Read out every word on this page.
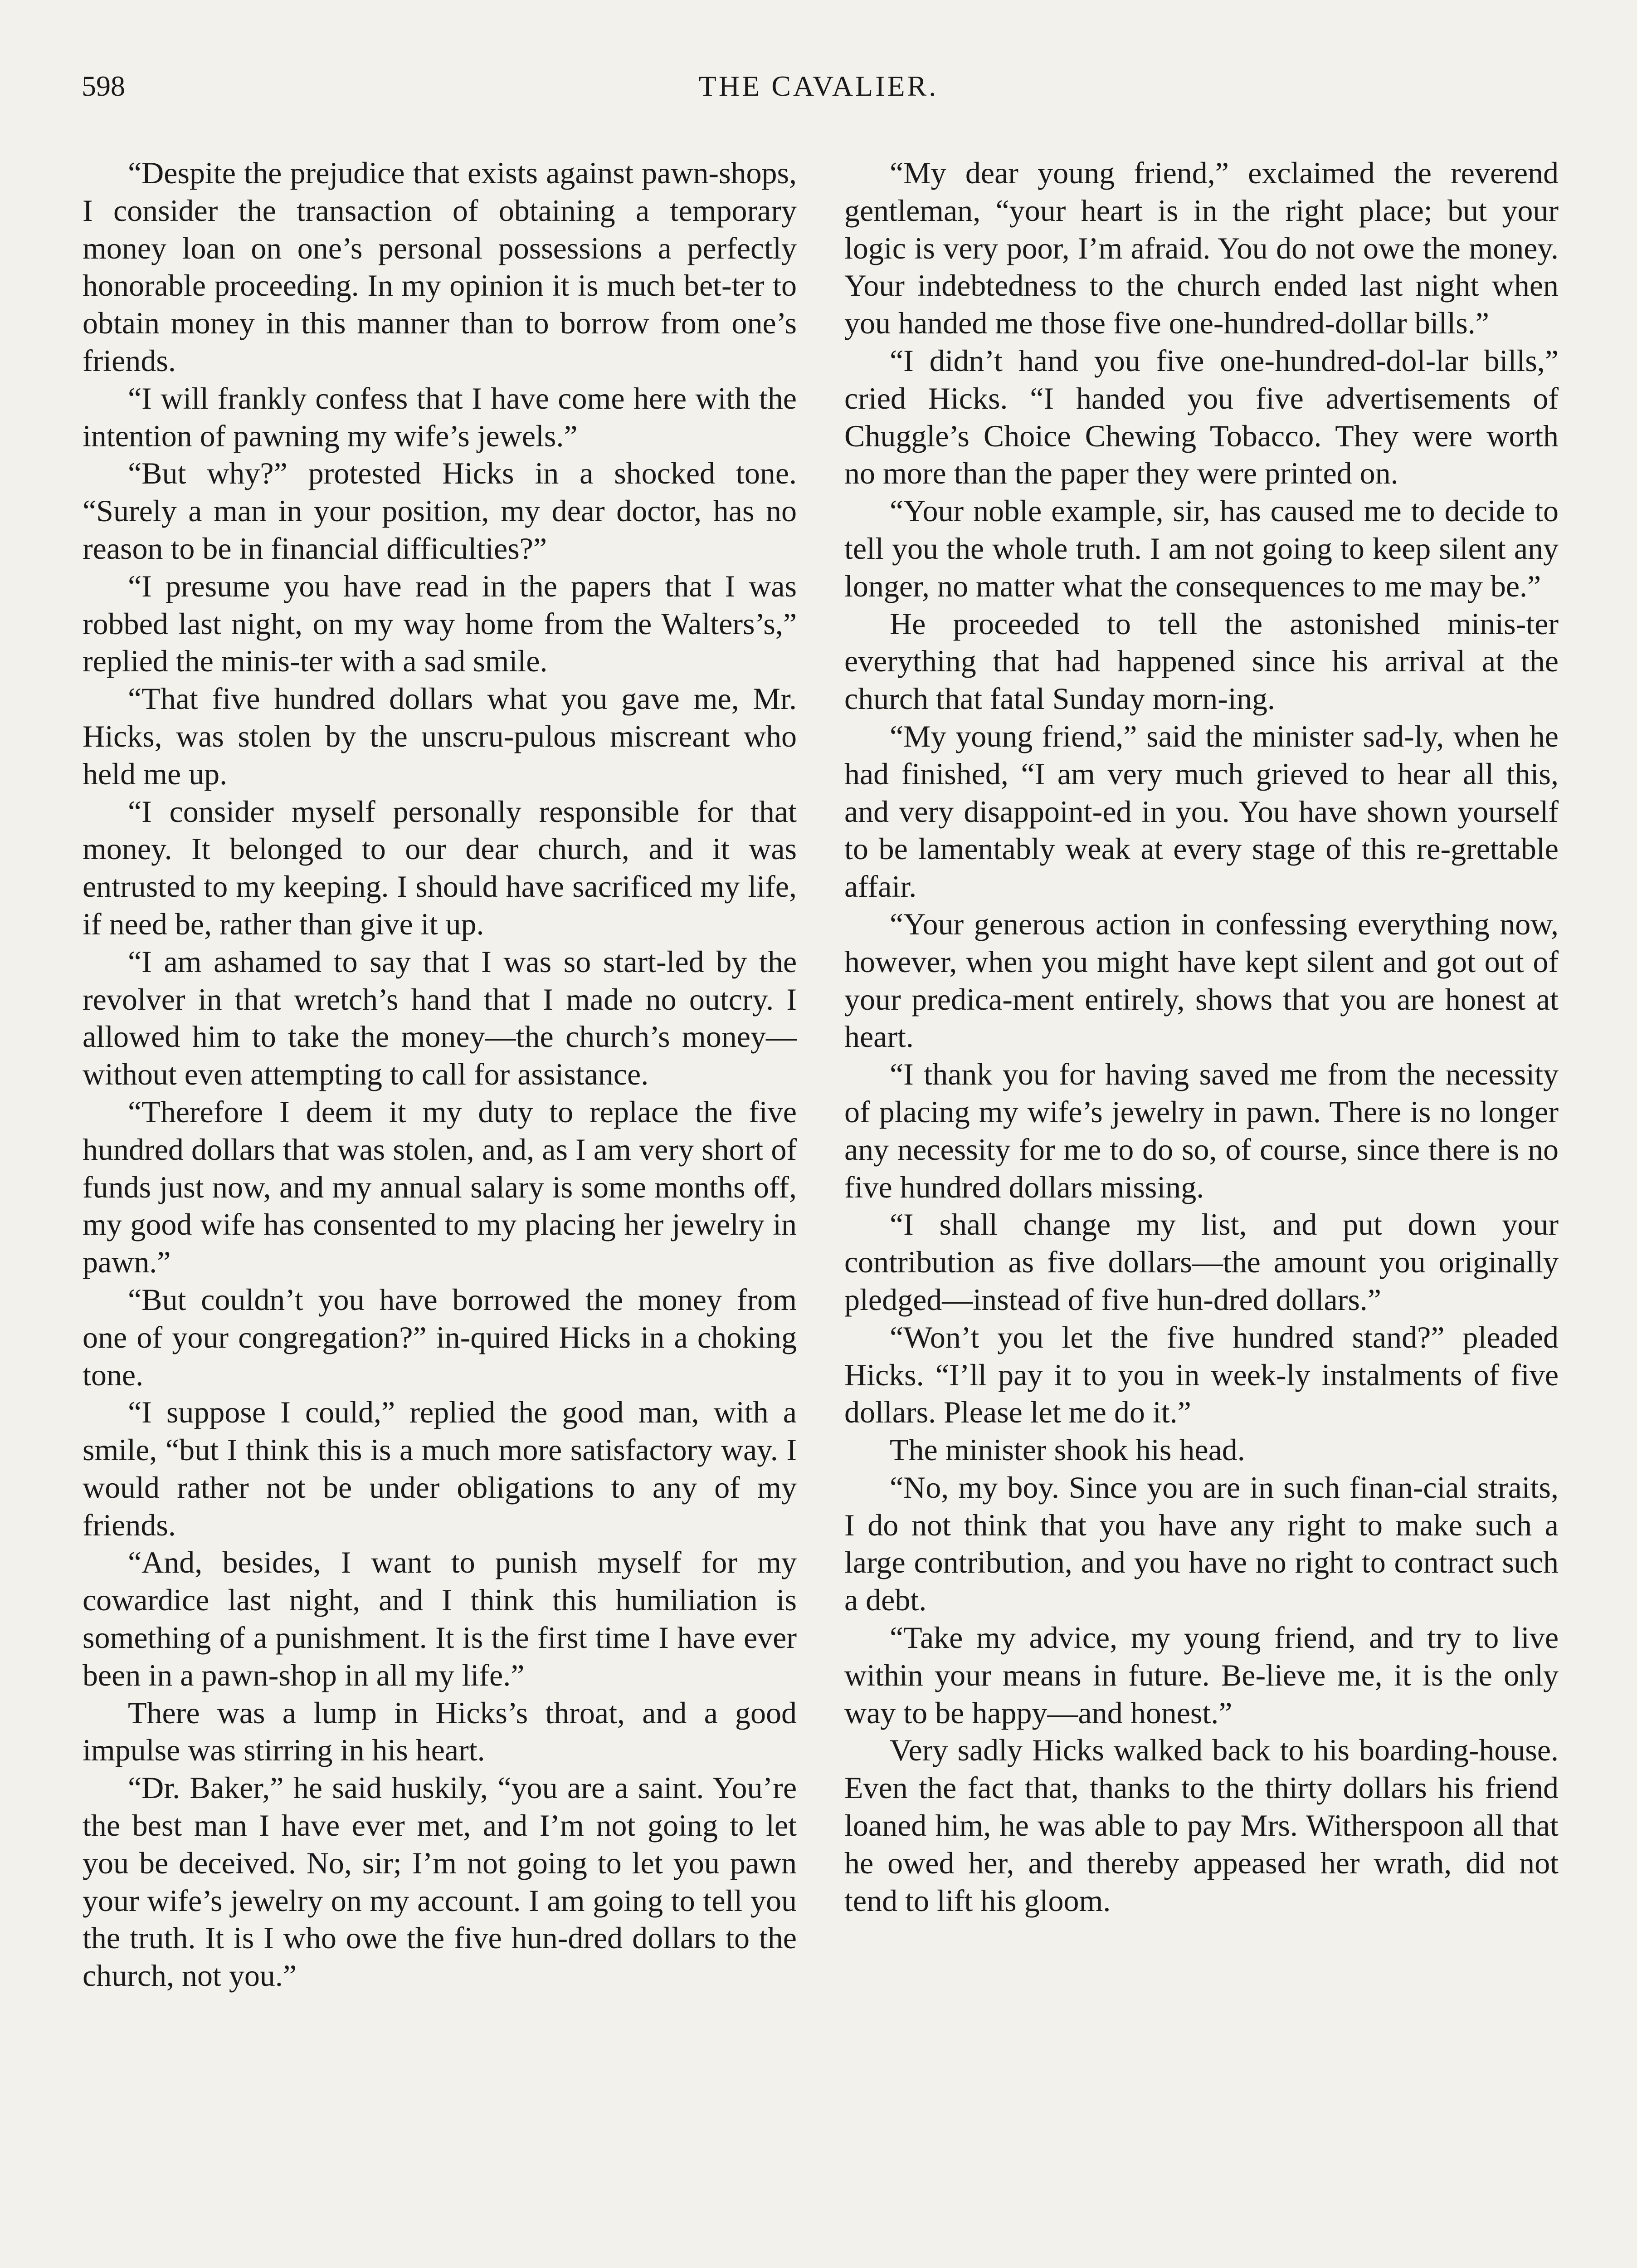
598	THE CAVALIER.

“Despite the prejudice that exists against pawn-shops, I consider the transaction of obtaining a temporary money loan on one’s personal possessions a perfectly honorable proceeding. In my opinion it is much bet-ter to obtain money in this manner than to borrow from one’s friends.

“I will frankly confess that I have come here with the intention of pawning my wife’s jewels.”

“But why?” protested Hicks in a shocked tone. “Surely a man in your position, my dear doctor, has no reason to be in financial difficulties?”

“I presume you have read in the papers that I was robbed last night, on my way home from the Walters’s,” replied the minis-ter with a sad smile.

“That five hundred dollars what you gave me, Mr. Hicks, was stolen by the unscru-pulous miscreant who held me up.

“I consider myself personally responsible for that money. It belonged to our dear church, and it was entrusted to my keeping. I should have sacrificed my life, if need be, rather than give it up.

“I am ashamed to say that I was so start-led by the revolver in that wretch’s hand that I made no outcry. I allowed him to take the money—the church’s money—without even attempting to call for assistance.

“Therefore I deem it my duty to replace the five hundred dollars that was stolen, and, as I am very short of funds just now, and my annual salary is some months off, my good wife has consented to my placing her jewelry in pawn.”

“But couldn’t you have borrowed the money from one of your congregation?” in-quired Hicks in a choking tone.

“I suppose I could,” replied the good man, with a smile, “but I think this is a much more satisfactory way. I would rather not be under obligations to any of my friends.

“And, besides, I want to punish myself for my cowardice last night, and I think this humiliation is something of a punishment. It is the first time I have ever been in a pawn-shop in all my life.”

There was a lump in Hicks’s throat, and a good impulse was stirring in his heart.

“Dr. Baker,” he said huskily, “you are a saint. You’re the best man I have ever met, and I’m not going to let you be deceived. No, sir; I’m not going to let you pawn your wife’s jewelry on my account. I am going to tell you the truth. It is I who owe the five hun-dred dollars to the church, not you.”

“My dear young friend,” exclaimed the reverend gentleman, “your heart is in the right place; but your logic is very poor, I’m afraid. You do not owe the money. Your indebtedness to the church ended last night when you handed me those five one-hundred-dollar bills.”

“I didn’t hand you five one-hundred-dol-lar bills,” cried Hicks. “I handed you five advertisements of Chuggle’s Choice Chewing Tobacco. They were worth no more than the paper they were printed on.

“Your noble example, sir, has caused me to decide to tell you the whole truth. I am not going to keep silent any longer, no matter what the consequences to me may be.”

He proceeded to tell the astonished minis-ter everything that had happened since his arrival at the church that fatal Sunday morn-ing.

“My young friend,” said the minister sad-ly, when he had finished, “I am very much grieved to hear all this, and very disappoint-ed in you. You have shown yourself to be lamentably weak at every stage of this re-grettable affair.

“Your generous action in confessing everything now, however, when you might have kept silent and got out of your predica-ment entirely, shows that you are honest at heart.

“I thank you for having saved me from the necessity of placing my wife’s jewelry in pawn. There is no longer any necessity for me to do so, of course, since there is no five hundred dollars missing.

“I shall change my list, and put down your contribution as five dollars—the amount you originally pledged—instead of five hun-dred dollars.”

“Won’t you let the five hundred stand?” pleaded Hicks. “I’ll pay it to you in week-ly instalments of five dollars. Please let me do it.”

The minister shook his head.

“No, my boy. Since you are in such finan-cial straits, I do not think that you have any right to make such a large contribution, and you have no right to contract such a debt.

“Take my advice, my young friend, and try to live within your means in future. Be-lieve me, it is the only way to be happy—and honest.”

Very sadly Hicks walked back to his boarding-house. Even the fact that, thanks to the thirty dollars his friend loaned him, he was able to pay Mrs. Witherspoon all that he owed her, and thereby appeased her wrath, did not tend to lift his gloom.
